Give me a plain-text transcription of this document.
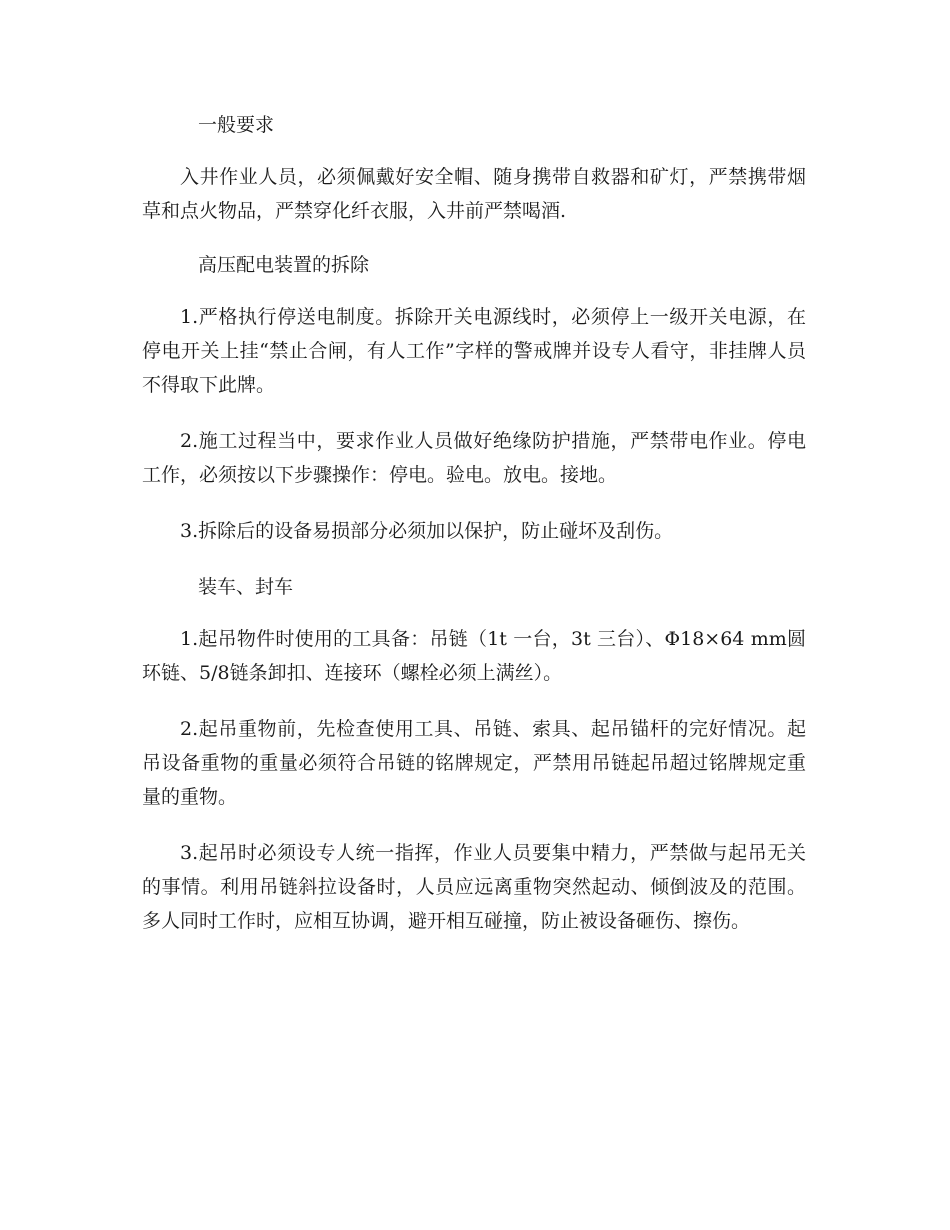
一般要求

入井作业人员，必须佩戴好安全帽、随身携带自救器和矿灯，严禁携带烟草和点火物品，严禁穿化纤衣服，入井前严禁喝酒.

高压配电装置的拆除

1.严格执行停送电制度。拆除开关电源线时，必须停上一级开关电源，在停电开关上挂“禁止合闸，有人工作”字样的警戒牌并设专人看守，非挂牌人员不得取下此牌。

2.施工过程当中，要求作业人员做好绝缘防护措施，严禁带电作业。停电工作，必须按以下步骤操作：停电。验电。放电。接地。

3.拆除后的设备易损部分必须加以保护，防止碰坏及刮伤。

装车、封车

1.起吊物件时使用的工具备：吊链（1t 一台，3t 三台）、Φ18×64 mm圆环链、5/8链条卸扣、连接环（螺栓必须上满丝）。

2.起吊重物前，先检查使用工具、吊链、索具、起吊锚杆的完好情况。起吊设备重物的重量必须符合吊链的铭牌规定，严禁用吊链起吊超过铭牌规定重量的重物。

3.起吊时必须设专人统一指挥，作业人员要集中精力，严禁做与起吊无关的事情。利用吊链斜拉设备时，人员应远离重物突然起动、倾倒波及的范围。多人同时工作时，应相互协调，避开相互碰撞，防止被设备砸伤、擦伤。
